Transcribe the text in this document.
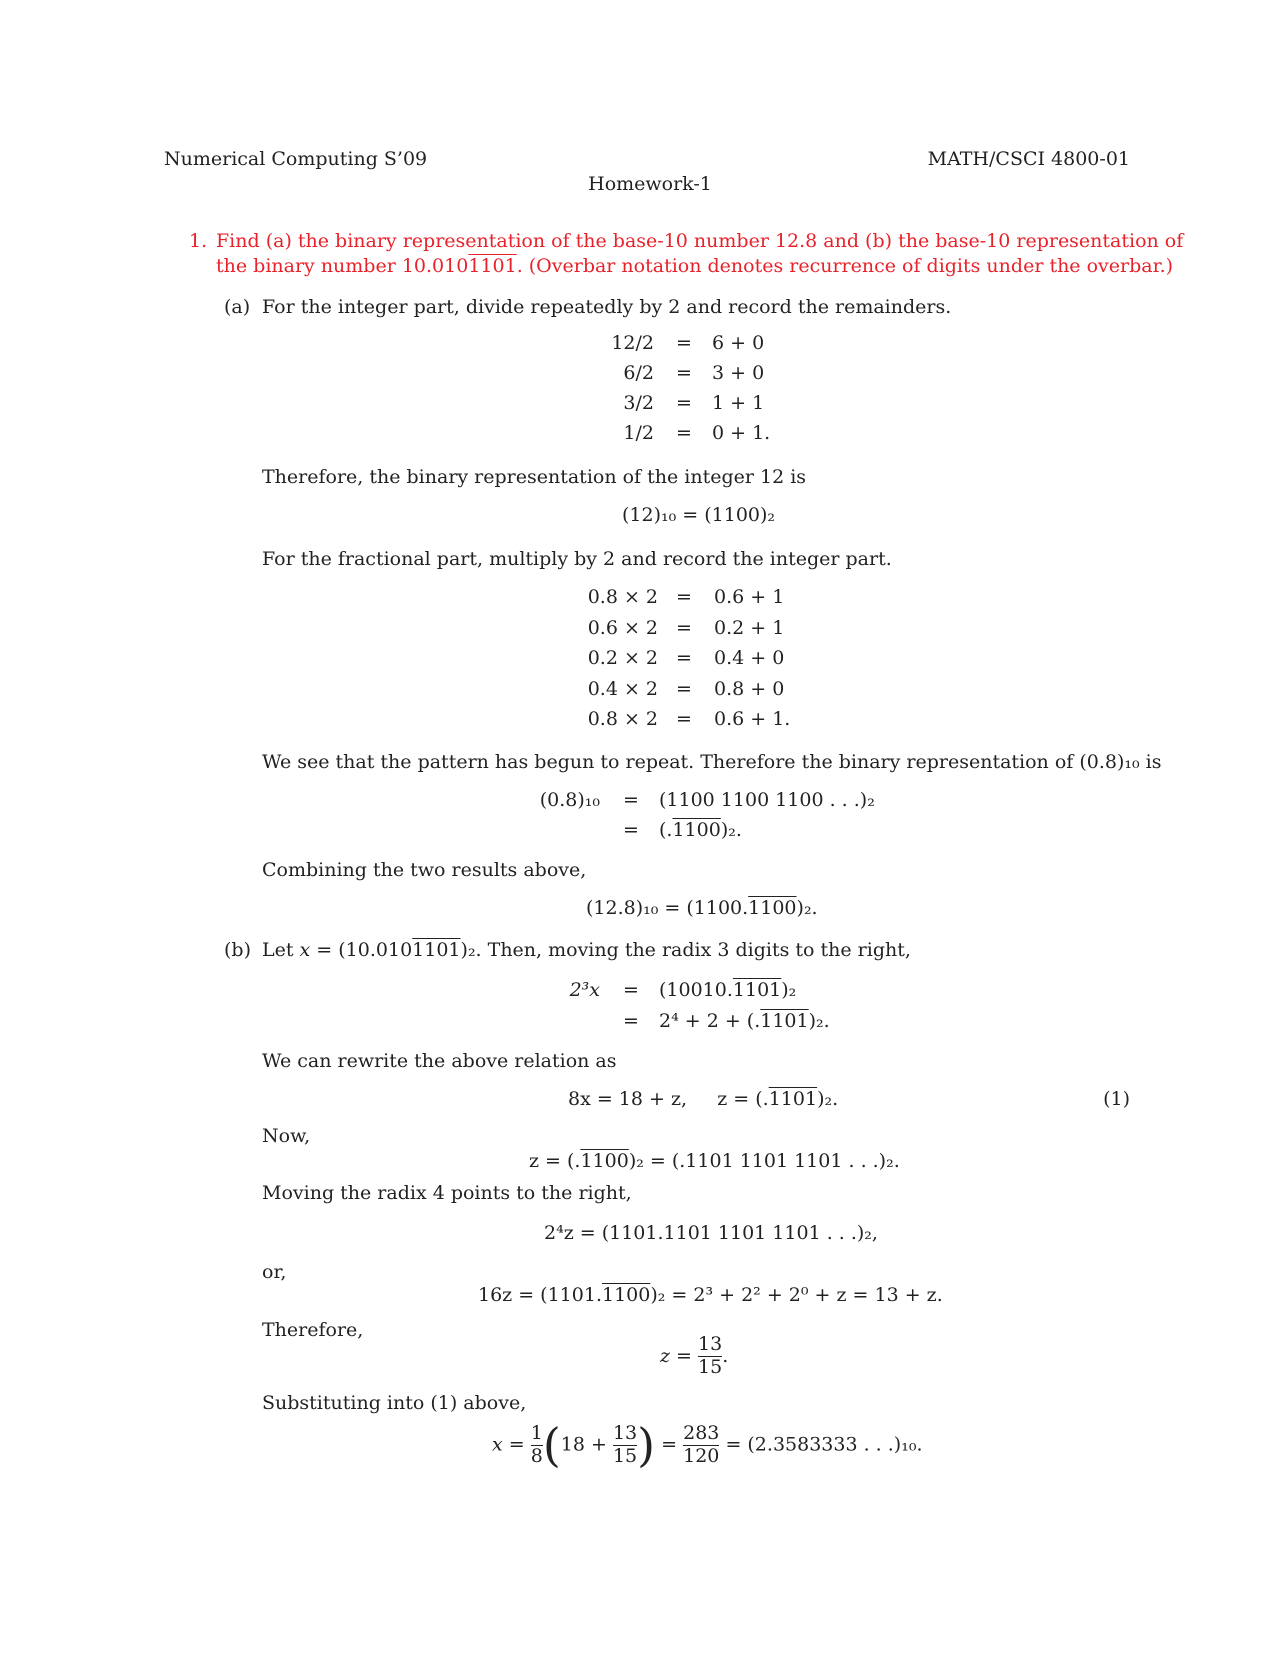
Numerical Computing S’09	MATH/CSCI 4800-01
Homework-1
1. Find (a) the binary representation of the base-10 number 12.8 and (b) the base-10 representation of
the binary number 10.0101101. (Overbar notation denotes recurrence of digits under the overbar.)
(a) For the integer part, divide repeatedly by 2 and record the remainders.
12/2 = 6 + 0
6/2 = 3 + 0
3/2 = 1 + 1
1/2 = 0 + 1.
Therefore, the binary representation of the integer 12 is
(12)₁₀ = (1100)₂
For the fractional part, multiply by 2 and record the integer part.
0.8 × 2 = 0.6 + 1
0.6 × 2 = 0.2 + 1
0.2 × 2 = 0.4 + 0
0.4 × 2 = 0.8 + 0
0.8 × 2 = 0.6 + 1.
We see that the pattern has begun to repeat. Therefore the binary representation of (0.8)₁₀ is
(0.8)₁₀ = (1100 1100 1100 . . .)₂
= (.1100)₂.
Combining the two results above,
(12.8)₁₀ = (1100.1100)₂.
(b) Let x = (10.0101101)₂. Then, moving the radix 3 digits to the right,
2³x = (10010.1101)₂
= 2⁴ + 2 + (.1101)₂.
We can rewrite the above relation as
8x = 18 + z, z = (.1101)₂.	(1)
Now,
z = (.1100)₂ = (.1101 1101 1101 . . .)₂.
Moving the radix 4 points to the right,
2⁴z = (1101.1101 1101 1101 . . .)₂,
or,
16z = (1101.1100)₂ = 2³ + 2² + 2⁰ + z = 13 + z.
Therefore,
$z = \frac{13}{15}$ .
Substituting into (1) above,
$x = \frac{1}{8} (18 + \frac{13}{15}$ ) = $\frac{283}{120} = (2.3583333$ . . .)₁₀.
